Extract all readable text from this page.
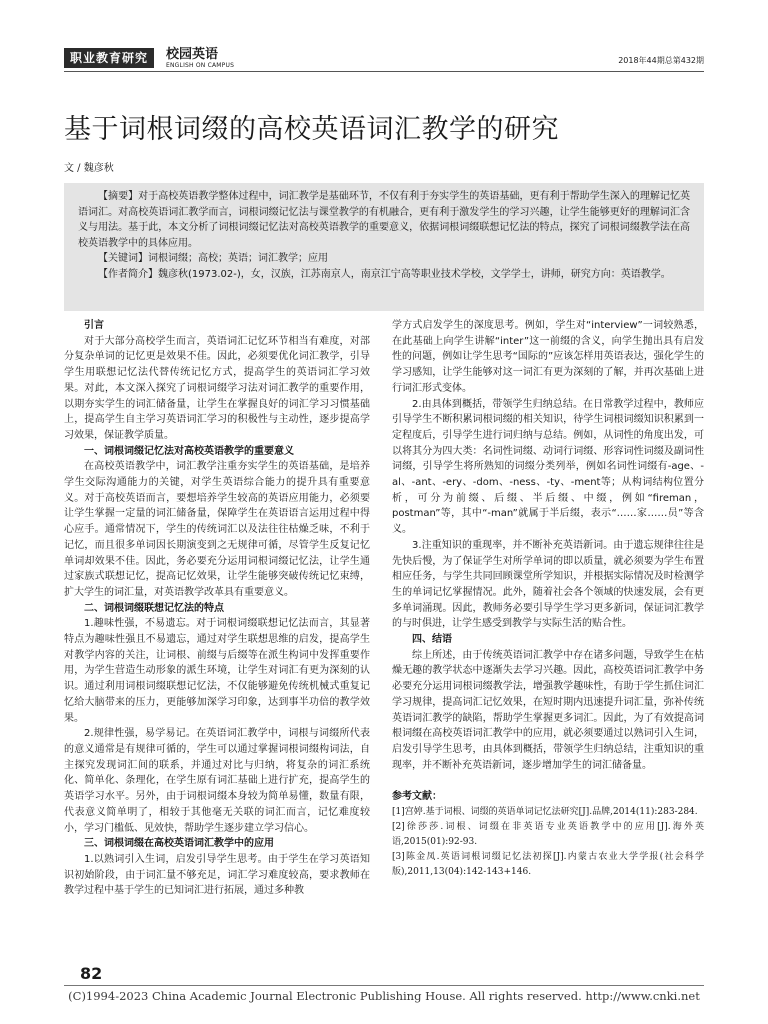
职业教育研究	校园英语
ENGLISH ON CAMPUS
2018年44期总第432期
基于词根词缀的高校英语词汇教学的研究
文 / 魏彦秋

【摘要】对于高校英语教学整体过程中，词汇教学是基础环节，不仅有利于夯实学生的英语基础，更有利于帮助学生深入的理解记忆英语词汇。对高校英语词汇教学而言，词根词缀记忆法与课堂教学的有机融合，更有利于激发学生的学习兴趣，让学生能够更好的理解词汇含义与用法。基于此，本文分析了词根词缀记忆法对高校英语教学的重要意义，依据词根词缀联想记忆法的特点，探究了词根词缀教学法在高校英语教学中的具体应用。

【关键词】词根词缀；高校；英语；词汇教学；应用

【作者简介】魏彦秋(1973.02-)，女，汉族，江苏南京人，南京江宁高等职业技术学校，文学学士，讲师，研究方向：英语教学。

引言

对于大部分高校学生而言，英语词汇记忆环节相当有难度，对部分复杂单词的记忆更是效果不佳。因此，必须要优化词汇教学，引导学生用联想记忆法代替传统记忆方式，提高学生的英语词汇学习效果。对此，本文深入探究了词根词缀学习法对词汇教学的重要作用，以期夯实学生的词汇储备量，让学生在掌握良好的词汇学习习惯基础上，提高学生自主学习英语词汇学习的积极性与主动性，逐步提高学习效果，保证教学质量。

一、词根词缀记忆法对高校英语教学的重要意义

在高校英语教学中，词汇教学注重夯实学生的英语基础，是培养学生交际沟通能力的关键，对学生英语综合能力的提升具有重要意义。对于高校英语而言，要想培养学生较高的英语应用能力，必须要让学生掌握一定量的词汇储备量，保障学生在英语语言运用过程中得心应手。通常情况下，学生的传统词汇以及法往往枯燥乏味，不利于记忆，而且很多单词因长期演变到之无规律可循，尽管学生反复记忆单词却效果不佳。因此，务必要充分运用词根词缀记忆法，让学生通过家族式联想记忆，提高记忆效果，让学生能够突破传统记忆束缚，扩大学生的词汇量，对英语教学改革具有重要意义。

二、词根词缀联想记忆法的特点

1.趣味性强，不易遗忘。对于词根词缀联想记忆法而言，其显著特点为趣味性强且不易遗忘，通过对学生联想思维的启发，提高学生对教学内容的关注，让词根、前缀与后缀等在派生构词中发挥重要作用，为学生营造生动形象的派生环境，让学生对词汇有更为深刻的认识。通过利用词根词缀联想记忆法，不仅能够避免传统机械式重复记忆给大脑带来的压力，更能够加深学习印象，达到事半功倍的教学效果。

2.规律性强，易学易记。在英语词汇教学中，词根与词缀所代表的意义通常是有规律可循的，学生可以通过掌握词根词缀构词法，自主探究发现词汇间的联系，并通过对比与归纳，将复杂的词汇系统化、简单化、条理化，在学生原有词汇基础上进行扩充，提高学生的英语学习水平。另外，由于词根词缀本身较为简单易懂，数量有限，代表意义简单明了，相较于其他毫无关联的词汇而言，记忆难度较小，学习门槛低、见效快，帮助学生逐步建立学习信心。

三、词根词缀在高校英语词汇教学中的应用

1.以熟词引入生词，启发引导学生思考。由于学生在学习英语知识初始阶段，由于词汇量不够充足，词汇学习难度较高，要求教师在教学过程中基于学生的已知词汇进行拓展，通过多种教

学方式启发学生的深度思考。例如，学生对“interview”一词较熟悉，在此基础上向学生讲解“inter”这一前缀的含义，向学生抛出具有启发性的问题，例如让学生思考“国际的”应该怎样用英语表达，强化学生的学习感知，让学生能够对这一词汇有更为深刻的了解，并再次基础上进行词汇形式变体。

2.由具体到概括，带领学生归纳总结。在日常教学过程中，教师应引导学生不断积累词根词缀的相关知识，待学生词根词缀知识积累到一定程度后，引导学生进行词归纳与总结。例如，从词性的角度出发，可以将其分为四大类：名词性词缀、动词行词缀、形容词性词缀及副词性词缀，引导学生将所熟知的词缀分类列举，例如名词性词缀有-age、-al、-ant、-ery、-dom、-ness、-ty、-ment等；从构词结构位置分析，可分为前缀、后缀、半后缀、中缀，例如“fireman，postman”等，其中“-man”就属于半后缀，表示“……家……员”等含义。

3.注重知识的重现率，并不断补充英语新词。由于遗忘规律往往是先快后慢，为了保证学生对所学单词的即以质量，就必须要为学生布置相应任务，与学生共同回顾课堂所学知识，并根据实际情况及时检测学生的单词记忆掌握情况。此外，随着社会各个领域的快速发展，会有更多单词涌现。因此，教师务必要引导学生学习更多新词，保证词汇教学的与时俱进，让学生感受到教学与实际生活的贴合性。

四、结语

综上所述，由于传统英语词汇教学中存在诸多问题，导致学生在枯燥无趣的教学状态中逐渐失去学习兴趣。因此，高校英语词汇教学中务必要充分运用词根词缀教学法，增强教学趣味性，有助于学生抓住词汇学习规律，提高词汇记忆效果，在短时期内迅速提升词汇量，弥补传统英语词汇教学的缺陷，帮助学生掌握更多词汇。因此，为了有效提高词根词缀在高校英语词汇教学中的应用，就必须要通过以熟词引入生词，启发引导学生思考，由具体到概括，带领学生归纳总结，注重知识的重现率，并不断补充英语新词，逐步增加学生的词汇储备量。

参考文献：

[1]宫婷.基于词根、词缀的英语单词记忆法研究[J].品牌,2014(11):283-284.

[2]徐莎莎.词根、词缀在非英语专业英语教学中的应用[J].海外英语,2015(01):92-93.

[3]陈金凤.英语词根词缀记忆法初探[J].内蒙古农业大学学报(社会科学版),2011,13(04):142-143+146.

82
(C)1994-2023 China Academic Journal Electronic Publishing House. All rights reserved. http://www.cnki.net
